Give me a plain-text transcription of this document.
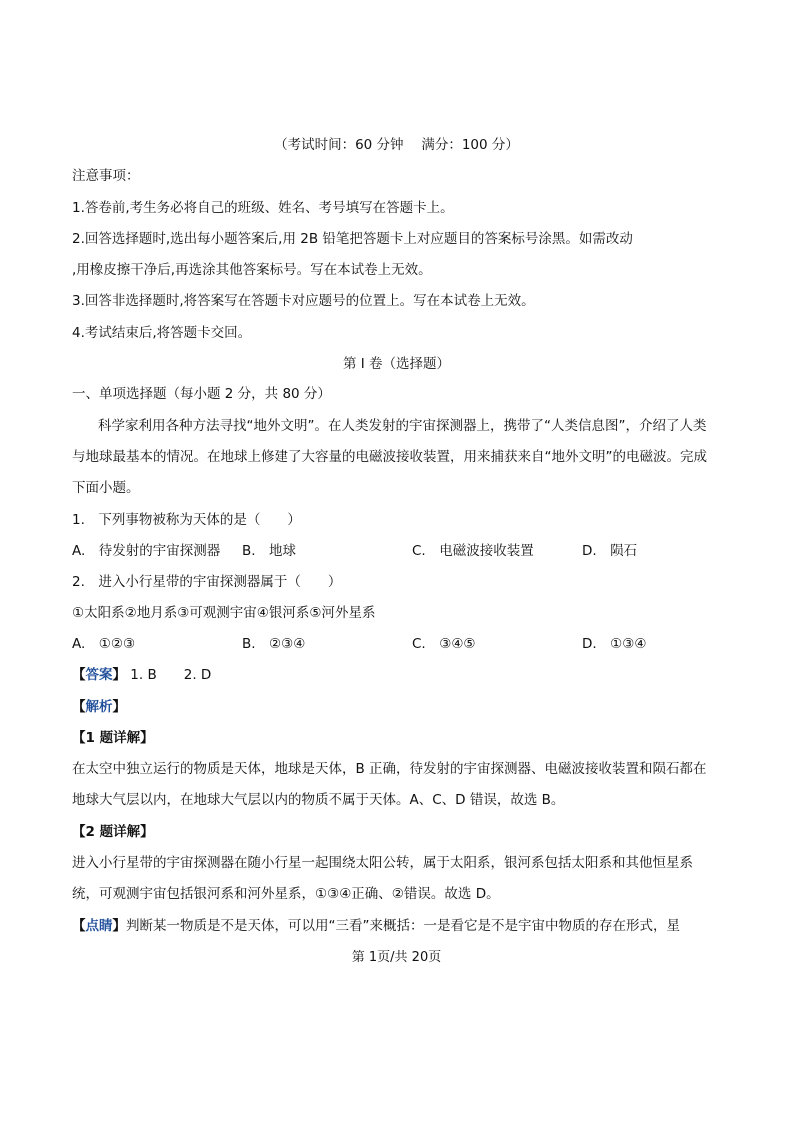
（考试时间：60 分钟　 满分：100 分）
注意事项：
1.答卷前,考生务必将自己的班级、姓名、考号填写在答题卡上。
2.回答选择题时,选出每小题答案后,用 2B 铅笔把答题卡上对应题目的答案标号涂黑。如需改动
,用橡皮擦干净后,再选涂其他答案标号。写在本试卷上无效。
3.回答非选择题时,将答案写在答题卡对应题号的位置上。写在本试卷上无效。
4.考试结束后,将答题卡交回。
第 I 卷（选择题）
一、单项选择题（每小题 2 分，共 80 分）
科学家利用各种方法寻找“地外文明”。在人类发射的宇宙探测器上，携带了“人类信息图”，介绍了人类
与地球最基本的情况。在地球上修建了大容量的电磁波接收装置，用来捕获来自“地外文明”的电磁波。完成
下面小题。
1.　下列事物被称为天体的是（　　）
A.　待发射的宇宙探测器 B.　地球	C.　电磁波接收装置	D.　陨石
2.　进入小行星带的宇宙探测器属于（　　）
①太阳系②地月系③可观测宇宙④银河系⑤河外星系
A.　①②③	B.　②③④	C.　③④⑤	D.　①③④
【答案】 1. B　　2. D
【解析】
【1 题详解】
在太空中独立运行的物质是天体，地球是天体，B 正确，待发射的宇宙探测器、电磁波接收装置和陨石都在
地球大气层以内，在地球大气层以内的物质不属于天体。A、C、D 错误，故选 B。
【2 题详解】
进入小行星带的宇宙探测器在随小行星一起围绕太阳公转，属于太阳系，银河系包括太阳系和其他恒星系
统，可观测宇宙包括银河系和河外星系，①③④正确、②错误。故选 D。
【点睛】判断某一物质是不是天体，可以用“三看”来概括：一是看它是不是宇宙中物质的存在形式，星
第 1页/共 20页
